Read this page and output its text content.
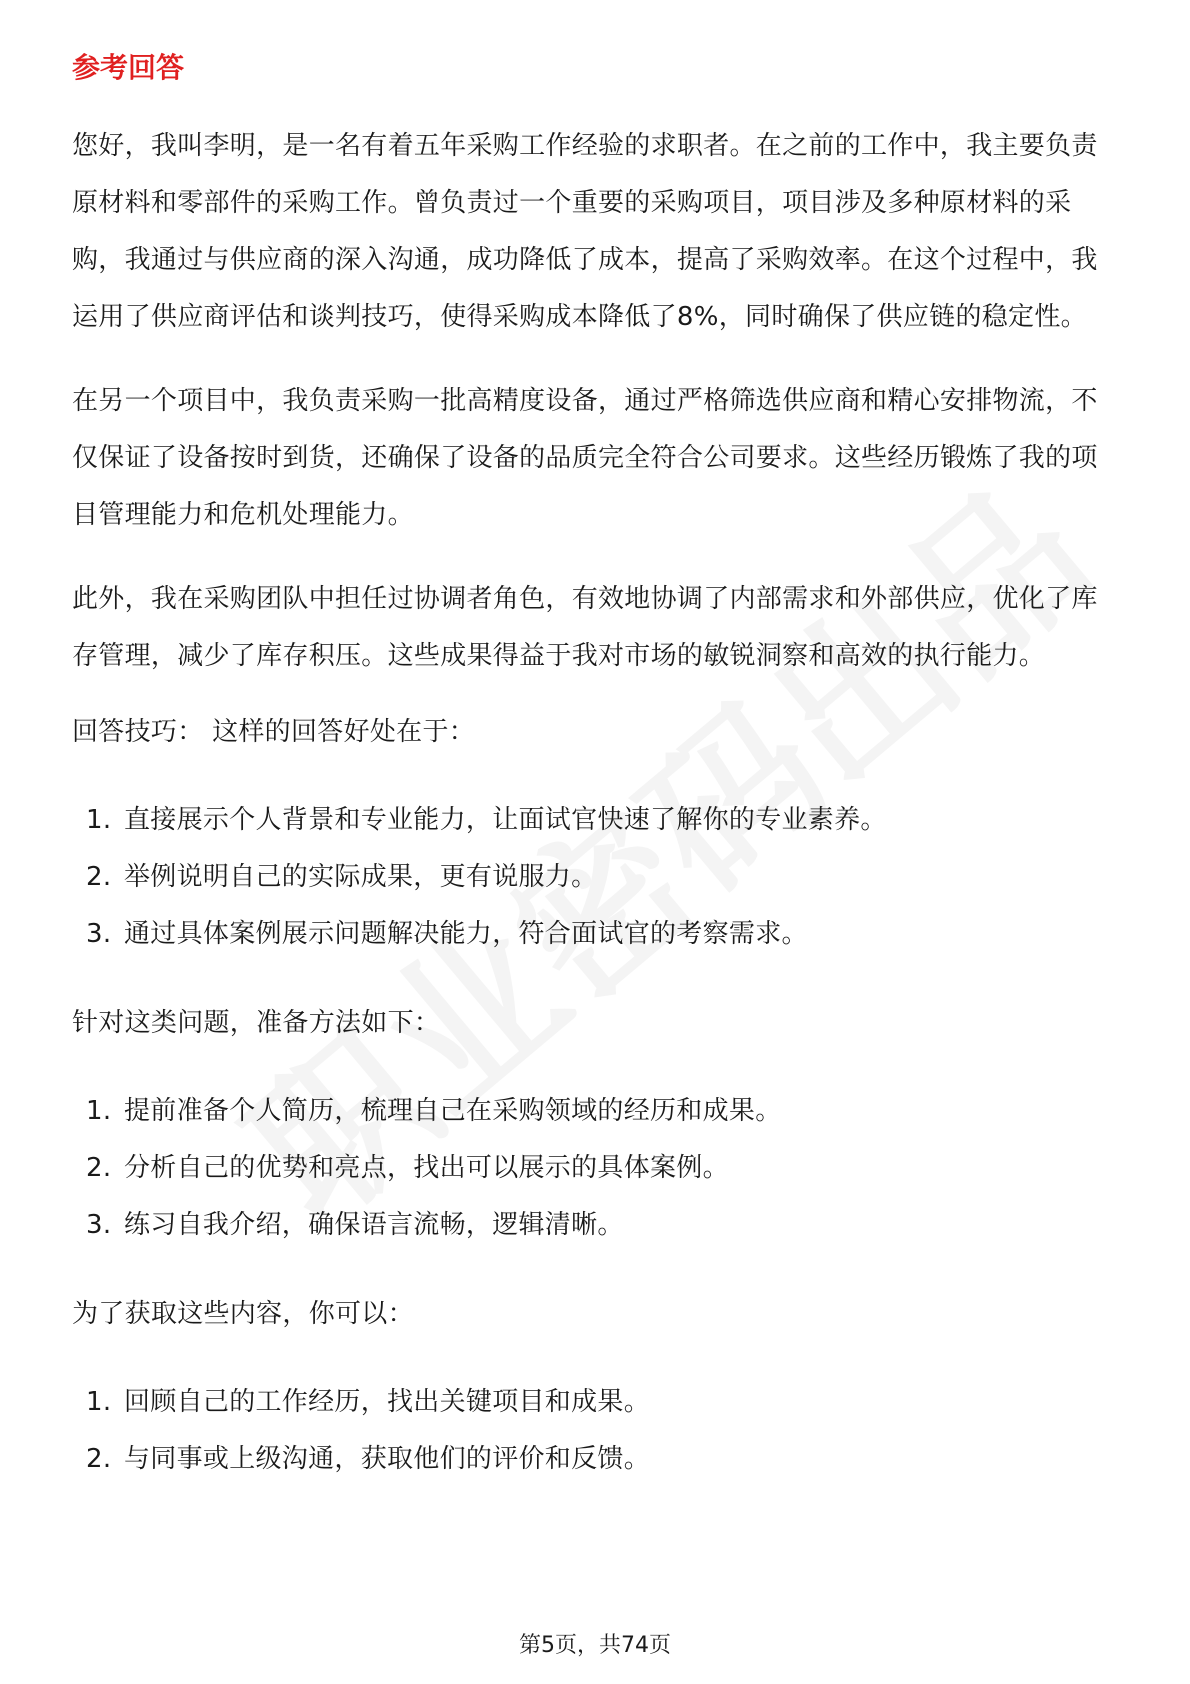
参考回答

您好，我叫李明，是一名有着五年采购工作经验的求职者。在之前的工作中，我主要负责原材料和零部件的采购工作。曾负责过一个重要的采购项目，项目涉及多种原材料的采购，我通过与供应商的深入沟通，成功降低了成本，提高了采购效率。在这个过程中，我运用了供应商评估和谈判技巧，使得采购成本降低了8%，同时确保了供应链的稳定性。

在另一个项目中，我负责采购一批高精度设备，通过严格筛选供应商和精心安排物流，不仅保证了设备按时到货，还确保了设备的品质完全符合公司要求。这些经历锻炼了我的项目管理能力和危机处理能力。

此外，我在采购团队中担任过协调者角色，有效地协调了内部需求和外部供应，优化了库存管理，减少了库存积压。这些成果得益于我对市场的敏锐洞察和高效的执行能力。

回答技巧： 这样的回答好处在于：

1. 直接展示个人背景和专业能力，让面试官快速了解你的专业素养。
2. 举例说明自己的实际成果，更有说服力。
3. 通过具体案例展示问题解决能力，符合面试官的考察需求。

针对这类问题，准备方法如下：

1. 提前准备个人简历，梳理自己在采购领域的经历和成果。
2. 分析自己的优势和亮点，找出可以展示的具体案例。
3. 练习自我介绍，确保语言流畅，逻辑清晰。

为了获取这些内容，你可以：

1. 回顾自己的工作经历，找出关键项目和成果。
2. 与同事或上级沟通，获取他们的评价和反馈。
第5页，共74页
